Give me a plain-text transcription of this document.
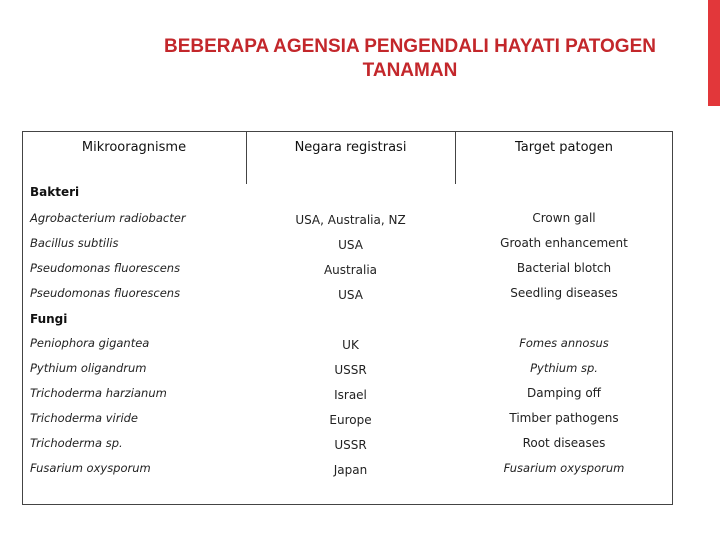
BEBERAPA AGENSIA PENGENDALI HAYATI PATOGEN
TANAMAN
Mikrooragnisme	Negara registrasi	Target patogen
Bakteri
Agrobacterium radiobacter	USA, Australia, NZ	Crown gall
Bacillus subtilis	USA	Groath enhancement
Pseudomonas fluorescens	Australia	Bacterial blotch
Pseudomonas fluorescens	USA	Seedling diseases
Fungi
Peniophora gigantea	UK	Fomes annosus
Pythium oligandrum	USSR	Pythium sp.
Trichoderma harzianum	Israel	Damping off
Trichoderma viride	Europe	Timber pathogens
Trichoderma sp.	USSR	Root diseases
Fusarium oxysporum	Japan	Fusarium oxysporum
